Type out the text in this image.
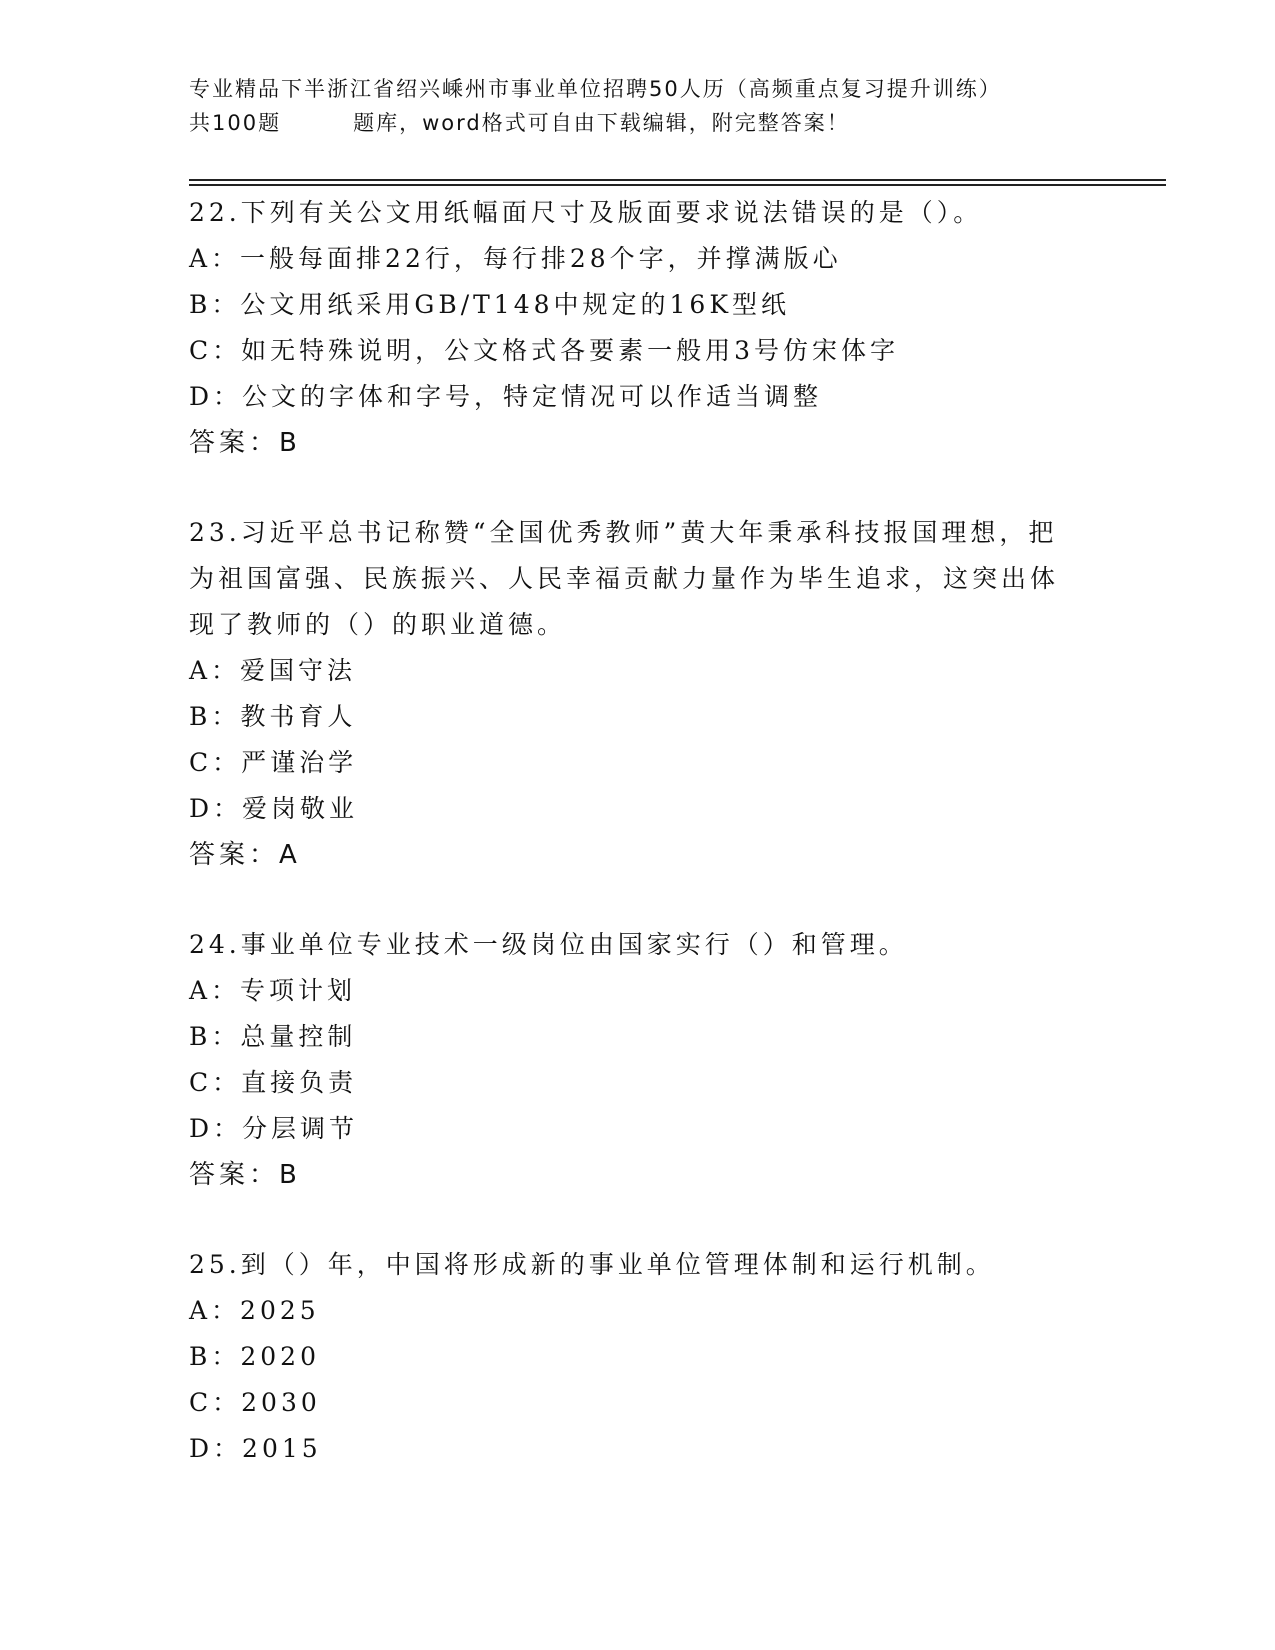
专业精品下半浙江省绍兴嵊州市事业单位招聘50人历（高频重点复习提升训练）
共100题	题库，word格式可自由下载编辑，附完整答案！
22.下列有关公文用纸幅面尺寸及版面要求说法错误的是（）。
A：一般每面排22行，每行排28个字，并撑满版心
B：公文用纸采用GB/T148中规定的16K型纸
C：如无特殊说明，公文格式各要素一般用3号仿宋体字
D：公文的字体和字号，特定情况可以作适当调整
答案：B
23.习近平总书记称赞“全国优秀教师”黄大年秉承科技报国理想，把
为祖国富强、民族振兴、人民幸福贡献力量作为毕生追求，这突出体
现了教师的（）的职业道德。
A：爱国守法
B：教书育人
C：严谨治学
D：爱岗敬业
答案：A
24.事业单位专业技术一级岗位由国家实行（）和管理。
A：专项计划
B：总量控制
C：直接负责
D：分层调节
答案：B
25.到（）年，中国将形成新的事业单位管理体制和运行机制。
A：2025
B：2020
C：2030
D：2015
